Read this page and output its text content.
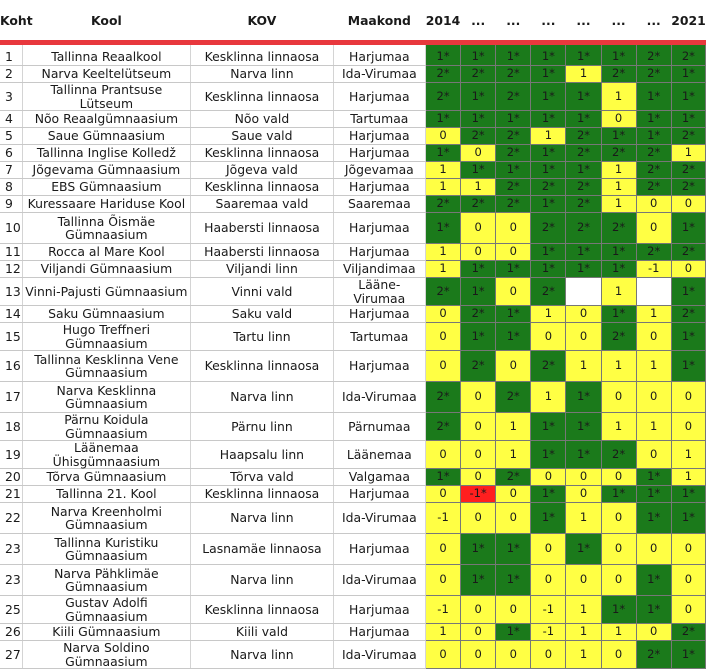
Koht	Kool	KOV	Maakond	2014	...	...	...	...	...	...	2021
1	Tallinna Reaalkool	Kesklinna linnaosa	Harjumaa	1*	1*	1*	1*	1*	1*	2*	2*
2	Narva Keeltelütseum	Narva linn	Ida-Virumaa	2*	2*	2*	1*	1	2*	2*	1*
3	Tallinna Prantsuse Lütseum	Kesklinna linnaosa	Harjumaa	2*	1*	2*	1*	1*	1	1*	1*
4	Nõo Reaalgümnaasium	Nõo vald	Tartumaa	1*	1*	1*	1*	1*	0	1*	1*
5	Saue Gümnaasium	Saue vald	Harjumaa	0	2*	2*	1	2*	1*	1*	2*
6	Tallinna Inglise Kolledž	Kesklinna linnaosa	Harjumaa	1*	0	2*	1*	2*	2*	2*	1
7	Jõgevama Gümnaasium	Jõgeva vald	Jõgevamaa	1	1*	1*	1*	1*	1	2*	2*
8	EBS Gümnaasium	Kesklinna linnaosa	Harjumaa	1	1	2*	2*	2*	1	2*	2*
9	Kuressaare Hariduse Kool	Saaremaa vald	Saaremaa	2*	2*	2*	1*	2*	1	0	0
10	Tallinna Õismäe Gümnaasium	Haabersti linnaosa	Harjumaa	1*	0	0	2*	2*	2*	0	1*
11	Rocca al Mare Kool	Haabersti linnaosa	Harjumaa	1	0	0	1*	1*	1*	2*	2*
12	Viljandi Gümnaasium	Viljandi linn	Viljandimaa	1	1*	1*	1*	1*	1*	-1	0
13	Vinni-Pajusti Gümnaasium	Vinni vald	Lääne-Virumaa	2*	1*	0	2*		1		1*
14	Saku Gümnaasium	Saku vald	Harjumaa	0	2*	1*	1	0	1*	1	2*
15	Hugo Treffneri Gümnaasium	Tartu linn	Tartumaa	0	1*	1*	0	0	2*	0	1*
16	Tallinna Kesklinna Vene Gümnaasium	Kesklinna linnaosa	Harjumaa	0	2*	0	2*	1	1	1	1*
17	Narva Kesklinna Gümnaasium	Narva linn	Ida-Virumaa	2*	0	2*	1	1*	0	0	0
18	Pärnu Koidula Gümnaasium	Pärnu linn	Pärnumaa	2*	0	1	1*	1*	1	1	0
19	Läänemaa Ühisgümnaasium	Haapsalu linn	Läänemaa	0	0	1	1*	1*	2*	0	1
20	Tõrva Gümnaasium	Tõrva vald	Valgamaa	1*	0	2*	0	0	0	1*	1
21	Tallinna 21. Kool	Kesklinna linnaosa	Harjumaa	0	-1*	0	1*	0	1*	1*	1*
22	Narva Kreenholmi Gümnaasium	Narva linn	Ida-Virumaa	-1	0	0	1*	1	0	1*	1*
23	Tallinna Kuristiku Gümnaasium	Lasnamäe linnaosa	Harjumaa	0	1*	1*	0	1*	0	0	0
23	Narva Pähklimäe Gümnaasium	Narva linn	Ida-Virumaa	0	1*	1*	0	0	0	1*	0
25	Gustav Adolfi Gümnaasium	Kesklinna linnaosa	Harjumaa	-1	0	0	-1	1	1*	1*	0
26	Kiili Gümnaasium	Kiili vald	Harjumaa	1	0	1*	-1	1	1	0	2*
27	Narva Soldino Gümnaasium	Narva linn	Ida-Virumaa	0	0	0	0	1	0	2*	1*
